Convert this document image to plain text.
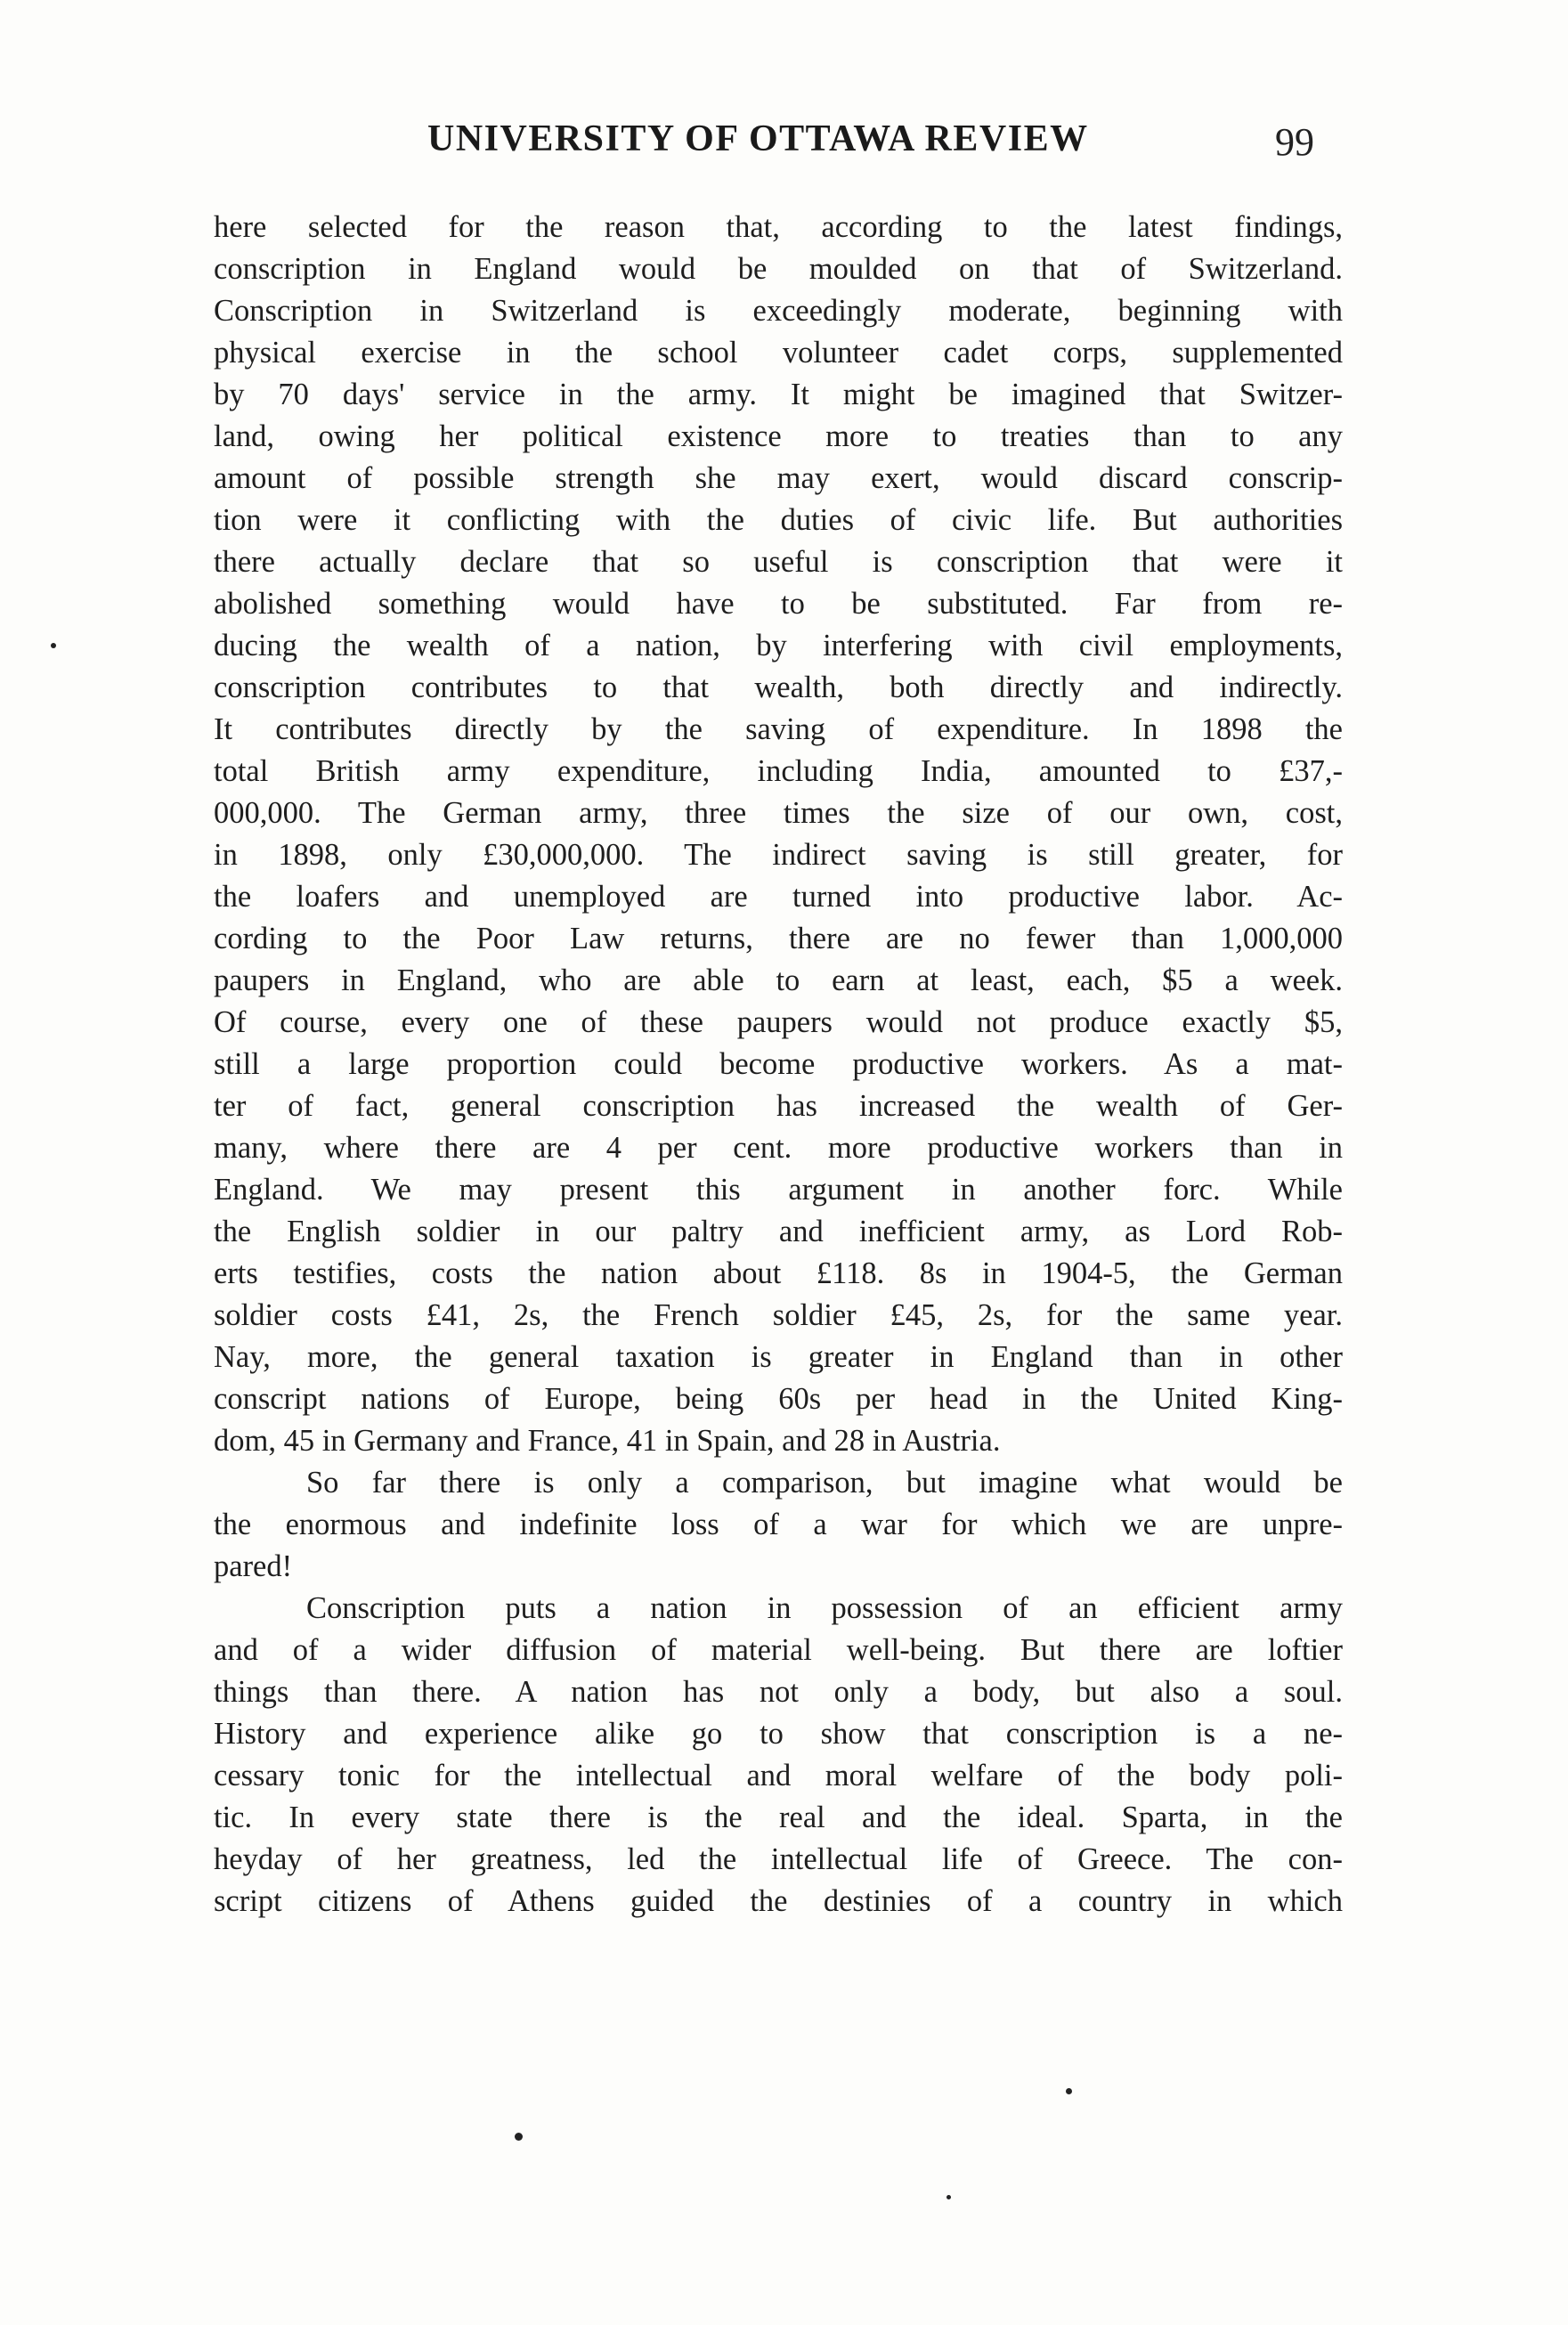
UNIVERSITY OF OTTAWA REVIEW	99
here selected for the reason that, according to the latest findings,
conscription in England would be moulded on that of Switzerland.
Conscription in Switzerland is exceedingly moderate, beginning with
physical exercise in the school volunteer cadet corps, supplemented
by 70 days' service in the army. It might be imagined that Switzer-
land, owing her political existence more to treaties than to any
amount of possible strength she may exert, would discard conscrip-
tion were it conflicting with the duties of civic life. But authorities
there actually declare that so useful is conscription that were it
abolished something would have to be substituted. Far from re-
ducing the wealth of a nation, by interfering with civil employments,
conscription contributes to that wealth, both directly and indirectly.
It contributes directly by the saving of expenditure. In 1898 the
total British army expenditure, including India, amounted to £37,-
000,000. The German army, three times the size of our own, cost,
in 1898, only £30,000,000. The indirect saving is still greater, for
the loafers and unemployed are turned into productive labor. Ac-
cording to the Poor Law returns, there are no fewer than 1,000,000
paupers in England, who are able to earn at least, each, $5 a week.
Of course, every one of these paupers would not produce exactly $5,
still a large proportion could become productive workers. As a mat-
ter of fact, general conscription has increased the wealth of Ger-
many, where there are 4 per cent. more productive workers than in
England. We may present this argument in another forc. While
the English soldier in our paltry and inefficient army, as Lord Rob-
erts testifies, costs the nation about £118. 8s in 1904-5, the German
soldier costs £41, 2s, the French soldier £45, 2s, for the same year.
Nay, more, the general taxation is greater in England than in other
conscript nations of Europe, being 60s per head in the United King-
dom, 45 in Germany and France, 41 in Spain, and 28 in Austria.
So far there is only a comparison, but imagine what would be
the enormous and indefinite loss of a war for which we are unpre-
pared!
Conscription puts a nation in possession of an efficient army
and of a wider diffusion of material well-being. But there are loftier
things than there. A nation has not only a body, but also a soul.
History and experience alike go to show that conscription is a ne-
cessary tonic for the intellectual and moral welfare of the body poli-
tic. In every state there is the real and the ideal. Sparta, in the
heyday of her greatness, led the intellectual life of Greece. The con-
script citizens of Athens guided the destinies of a country in which
